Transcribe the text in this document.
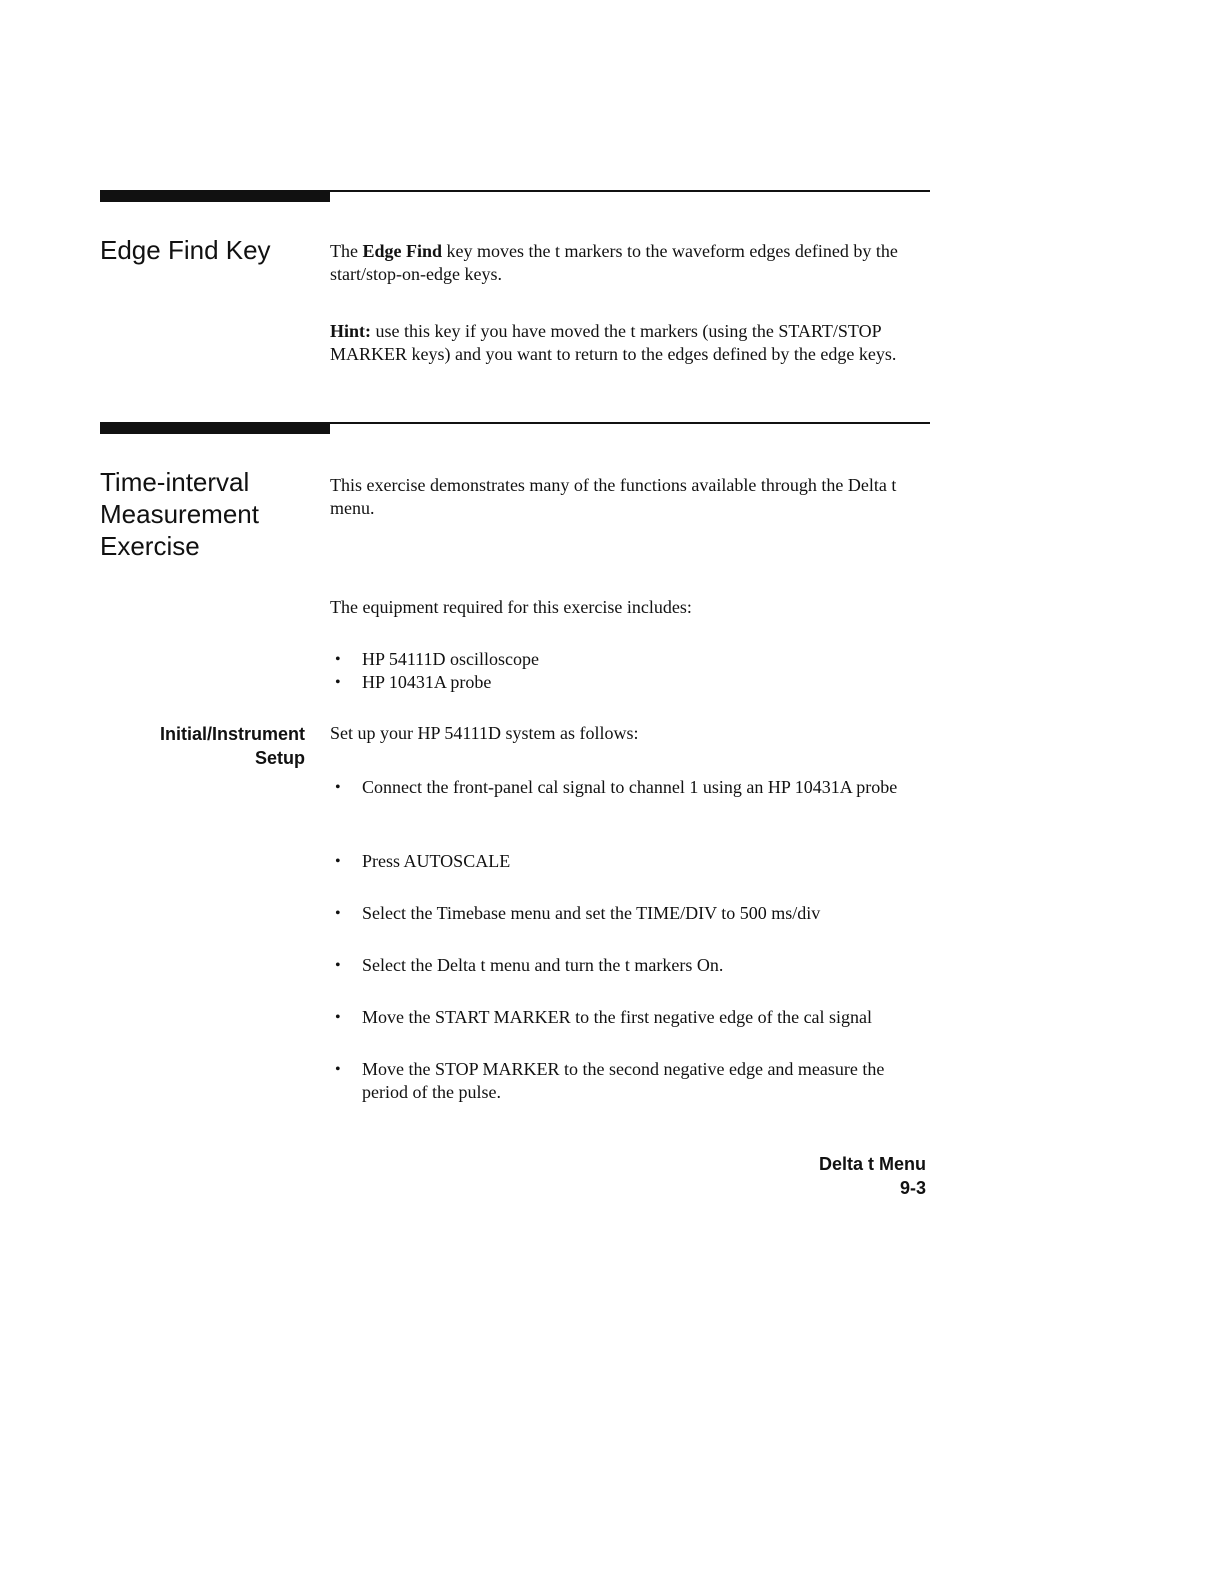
Edge Find Key	The Edge Find key moves the t markers to the waveform edges defined by the start/stop-on-edge keys.

Hint: use this key if you have moved the t markers (using the START/STOP MARKER keys) and you want to return to the edges defined by the edge keys.

Time-interval
Measurement
Exercise

This exercise demonstrates many of the functions available through the Delta t menu.

The equipment required for this exercise includes:

• HP 54111D oscilloscope
• HP 10431A probe
Initial/Instrument
Setup

Set up your HP 54111D system as follows:

• Connect the front-panel cal signal to channel 1 using an HP 10431A probe
• Press AUTOSCALE
• Select the Timebase menu and set the TIME/DIV to 500 ms/div
• Select the Delta t menu and turn the t markers On.
• Move the START MARKER to the first negative edge of the cal signal
• Move the STOP MARKER to the second negative edge and measure the period of the pulse.
Delta t Menu
9-3
